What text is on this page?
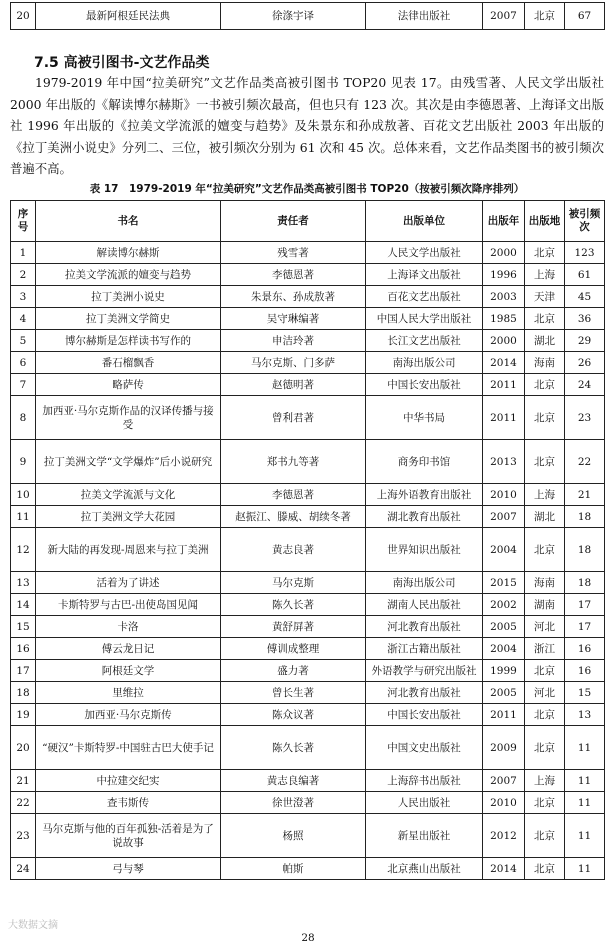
20	最新阿根廷民法典	徐涤宇译	法律出版社	2007	北京	67
7.5 高被引图书-文艺作品类

1979-2019 年中国“拉美研究”文艺作品类高被引图书 TOP20 见表 17。由残雪著、人民文学出版社 2000 年出版的《解读博尔赫斯》一书被引频次最高，但也只有 123 次。其次是由李德恩著、上海译文出版社 1996 年出版的《拉美文学流派的嬗变与趋势》及朱景东和孙成敖著、百花文艺出版社 2003 年出版的《拉丁美洲小说史》分列二、三位，被引频次分别为 61 次和 45 次。总体来看，文艺作品类图书的被引频次普遍不高。

表 17　1979-2019 年“拉美研究”文艺作品类高被引图书 TOP20（按被引频次降序排列）
序号	书名	责任者	出版单位	出版年	出版地	被引频次
1	解读博尔赫斯	残雪著	人民文学出版社	2000	北京	123
2	拉美文学流派的嬗变与趋势	李德恩著	上海译文出版社	1996	上海	61
3	拉丁美洲小说史	朱景东、孙成敖著	百花文艺出版社	2003	天津	45
4	拉丁美洲文学简史	吴守琳编著	中国人民大学出版社	1985	北京	36
5	博尔赫斯是怎样读书写作的	申洁玲著	长江文艺出版社	2000	湖北	29
6	番石榴飘香	马尔克斯、门多萨	南海出版公司	2014	海南	26
7	略萨传	赵德明著	中国长安出版社	2011	北京	24
8	加西亚·马尔克斯作品的汉译传播与接受	曾利君著	中华书局	2011	北京	23
9	拉丁美洲文学“文学爆炸”后小说研究	郑书九等著	商务印书馆	2013	北京	22
10	拉美文学流派与文化	李德恩著	上海外语教育出版社	2010	上海	21
11	拉丁美洲文学大花园	赵振江、滕威、胡续冬著	湖北教育出版社	2007	湖北	18
12	新大陆的再发现-周恩来与拉丁美洲	黄志良著	世界知识出版社	2004	北京	18
13	活着为了讲述	马尔克斯	南海出版公司	2015	海南	18
14	卡斯特罗与古巴-出使岛国见闻	陈久长著	湖南人民出版社	2002	湖南	17
15	卡洛	黄舒屏著	河北教育出版社	2005	河北	17
16	傅云龙日记	傅训成整理	浙江古籍出版社	2004	浙江	16
17	阿根廷文学	盛力著	外语教学与研究出版社	1999	北京	16
18	里维拉	曾长生著	河北教育出版社	2005	河北	15
19	加西亚·马尔克斯传	陈众议著	中国长安出版社	2011	北京	13
20	“硬汉”卡斯特罗-中国驻古巴大使手记	陈久长著	中国文史出版社	2009	北京	11
21	中拉建交纪实	黄志良编著	上海辞书出版社	2007	上海	11
22	查韦斯传	徐世澄著	人民出版社	2010	北京	11
23	马尔克斯与他的百年孤独-活着是为了说故事	杨照	新星出版社	2012	北京	11
24	弓与琴	帕斯	北京燕山出版社	2014	北京	11
大数据文摘
28
